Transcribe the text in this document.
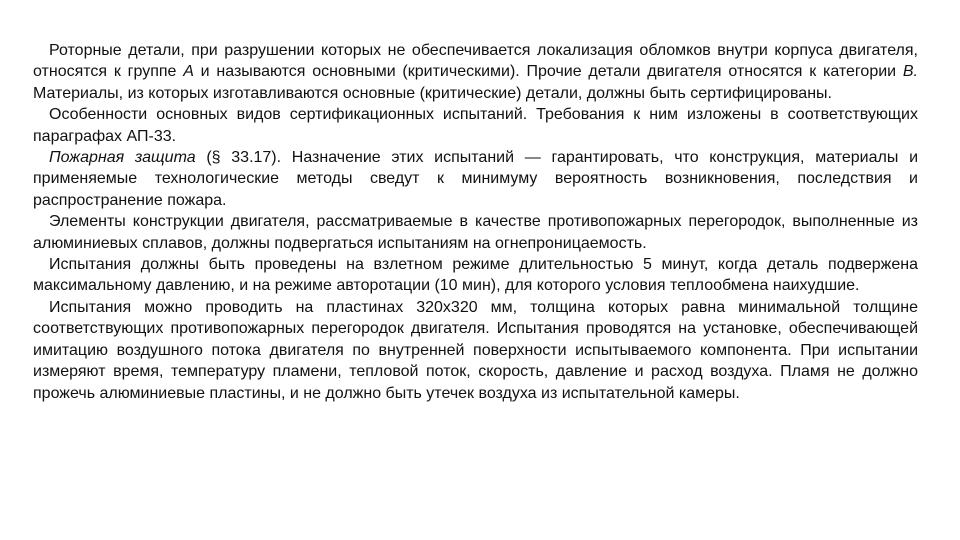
Роторные детали, при разрушении которых не обеспечивается локализация обломков внутри корпуса двигателя, относятся к группе А и называются основными (критическими). Прочие детали двигателя относятся к категории В. Материалы, из которых изготавливаются основные (критические) детали, должны быть сертифицированы.

Особенности основных видов сертификационных испытаний. Требования к ним изложены в соответствующих параграфах АП-33.

Пожарная защита (§ 33.17). Назначение этих испытаний — гарантировать, что конструкция, материалы и применяемые технологические методы сведут к минимуму вероятность возникновения, последствия и распространение пожара.

Элементы конструкции двигателя, рассматриваемые в качестве противопожарных перегородок, выполненные из алюминиевых сплавов, должны подвергаться испытаниям на огнепроницаемость.

Испытания должны быть проведены на взлетном режиме длительностью 5 минут, когда деталь подвержена максимальному давлению, и на режиме авторотации (10 мин), для которого условия теплообмена наихудшие.

Испытания можно проводить на пластинах 320х320 мм, толщина которых равна минимальной толщине соответствующих противопожарных перегородок двигателя. Испытания проводятся на установке, обеспечивающей имитацию воздушного потока двигателя по внутренней поверхности испытываемого компонента. При испытании измеряют время, температуру пламени, тепловой поток, скорость, давление и расход воздуха. Пламя не должно прожечь алюминиевые пластины, и не должно быть утечек воздуха из испытательной камеры.
